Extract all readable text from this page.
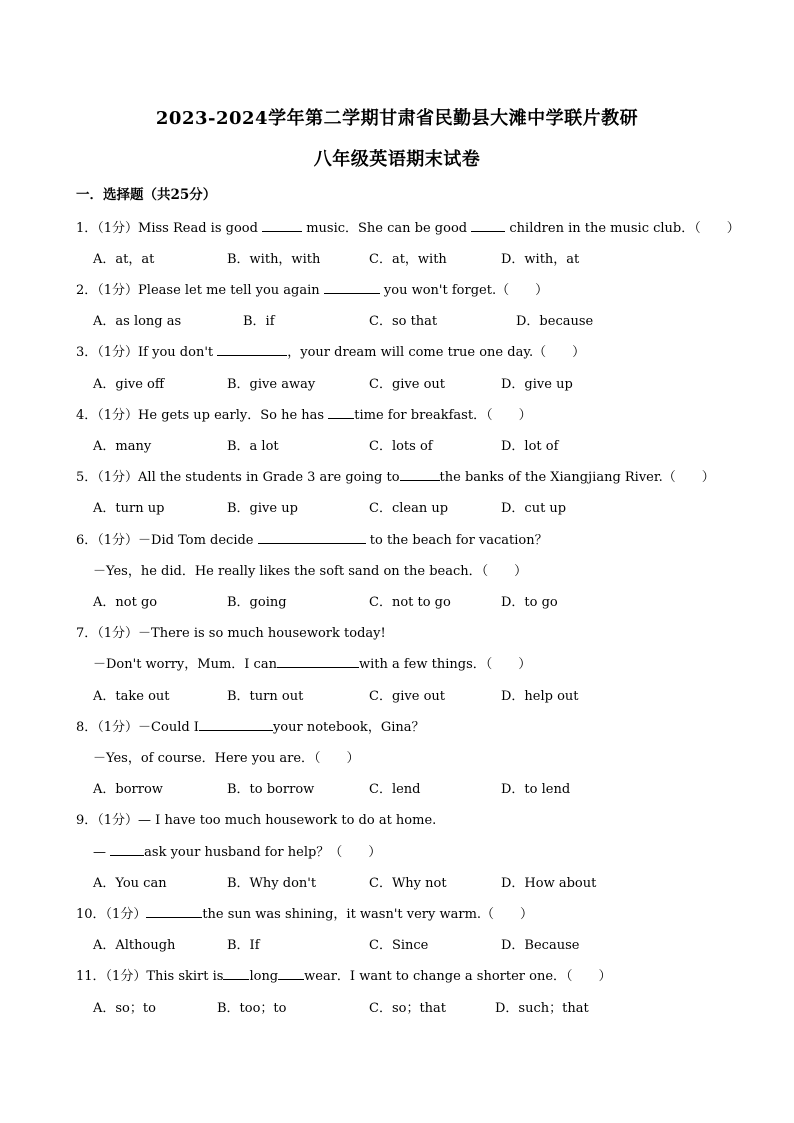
2023-2024学年第二学期甘肃省民勤县大滩中学联片教研
八年级英语期末试卷
一．选择题（共25分）
1．（1分）Miss Read is good	music．She can be good	children in the music club．（　　）
A．at，at	B．with，with	C．at，with	D．with，at
2．（1分）Please let me tell you again	you won't forget.（　　）
A．as long as	B．if	C．so that	D．because
3．（1分）If you don't	，your dream will come true one day.（　　）
A．give off	B．give away	C．give out	D．give up
4．（1分）He gets up early．So he has time for breakfast．（　　）
A．many	B．a lot	C．lots of	D．lot of
5．（1分）All the students in Grade 3 are going to	the banks of the Xiangjiang River.（　　）
A．turn up	B．give up	C．clean up	D．cut up
6．（1分）－Did Tom decide	to the beach for vacation？
－Yes，he did．He really likes the soft sand on the beach．（　　）
A．not go	B．going	C．not to go	D．to go
7．（1分）－There is so much housework today!
－Don't worry，Mum．I can	with a few things．（　　）
A．take out	B．turn out	C．give out	D．help out
8．（1分）－Could I	your notebook，Gina？
－Yes，of course．Here you are．（　　）
A．borrow	B．to borrow	C．lend	D．to lend
9．（1分）— I have too much housework to do at home.
—	ask your husband for help？（　　）
A．You can	B．Why don't	C．Why not	D．How about
10．（1分）	the sun was shining，it wasn't very warm.（　　）
A．Although	B．If	C．Since	D．Because
11．（1分）This skirt is long wear．I want to change a shorter one．（　　）
A．so；to	B．too；to	C．so；that	D．such；that
